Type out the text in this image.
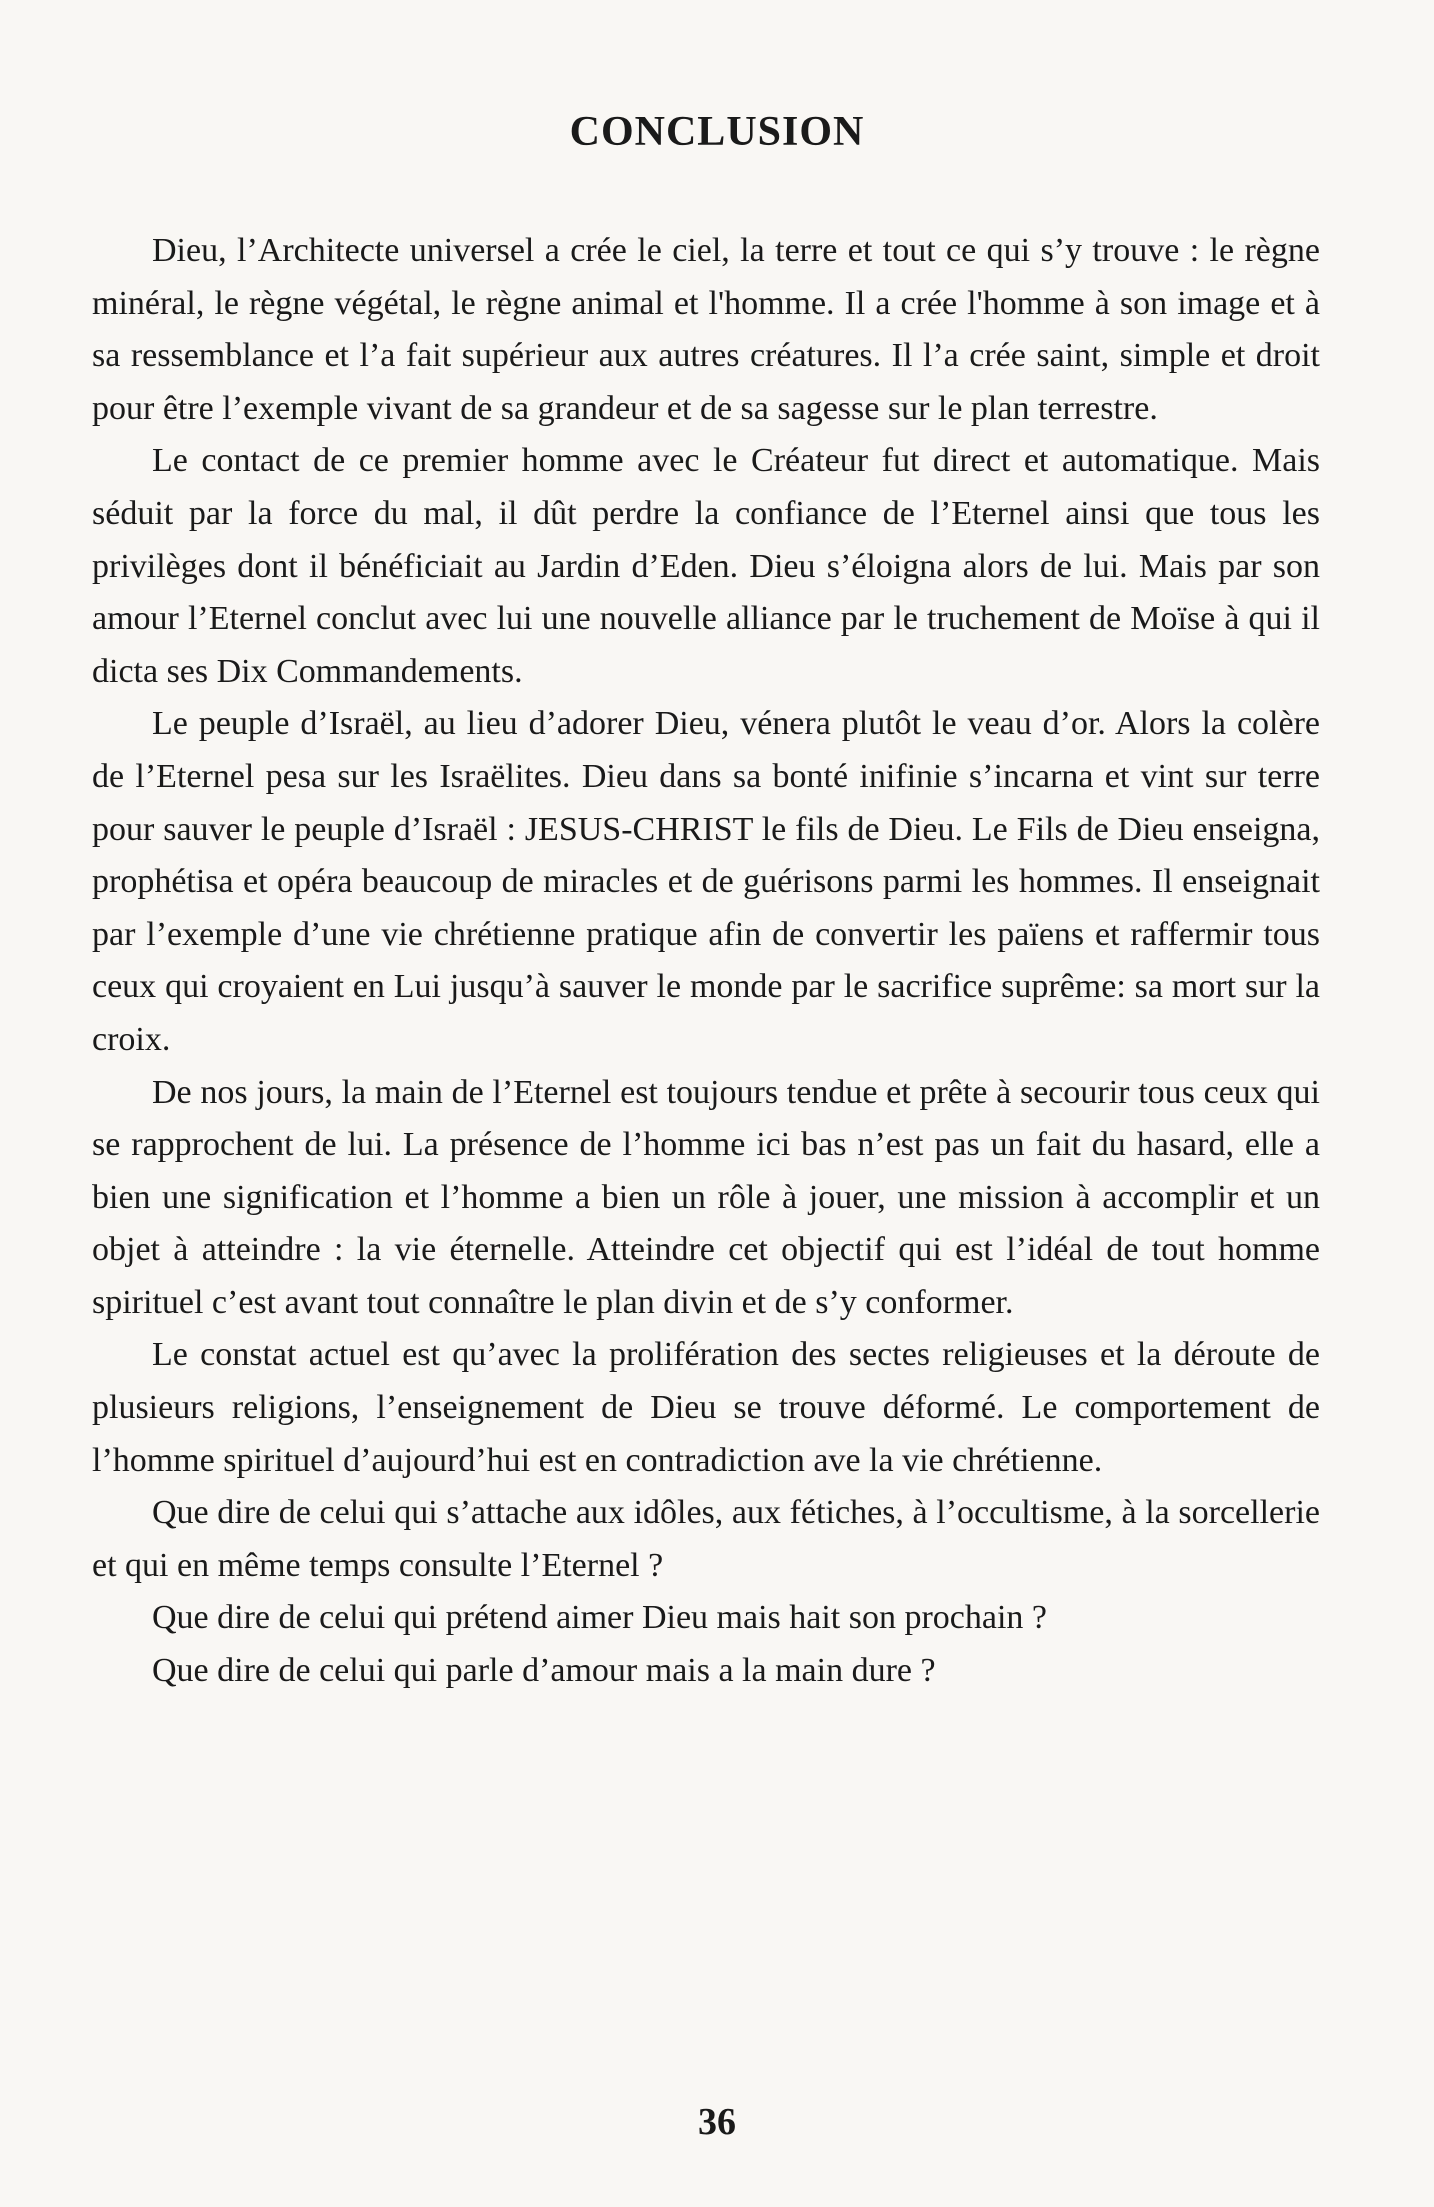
CONCLUSION

Dieu, l’Architecte universel a crée le ciel, la terre et tout ce qui s’y trouve : le règne minéral, le règne végétal, le règne animal et l'homme. Il a crée l'homme à son image et à sa ressemblance et l’a fait supérieur aux autres créatures. Il l’a crée saint, simple et droit pour être l’exemple vivant de sa grandeur et de sa sagesse sur le plan terrestre.

Le contact de ce premier homme avec le Créateur fut direct et automatique. Mais séduit par la force du mal, il dût perdre la confiance de l’Eternel ainsi que tous les privilèges dont il bénéficiait au Jardin d’Eden. Dieu s’éloigna alors de lui. Mais par son amour l’Eternel conclut avec lui une nouvelle alliance par le truchement de Moïse à qui il dicta ses Dix Commandements.

Le peuple d’Israël, au lieu d’adorer Dieu, vénera plutôt le veau d’or. Alors la colère de l’Eternel pesa sur les Israëlites. Dieu dans sa bonté inifinie s’incarna et vint sur terre pour sauver le peuple d’Israël : JESUS-CHRIST le fils de Dieu. Le Fils de Dieu enseigna, prophétisa et opéra beaucoup de miracles et de guérisons parmi les hommes. Il enseignait par l’exemple d’une vie chrétienne pratique afin de convertir les païens et raffermir tous ceux qui croyaient en Lui jusqu’à sauver le monde par le sacrifice suprême: sa mort sur la croix.

De nos jours, la main de l’Eternel est toujours tendue et prête à secourir tous ceux qui se rapprochent de lui. La présence de l’homme ici bas n’est pas un fait du hasard, elle a bien une signification et l’homme a bien un rôle à jouer, une mission à accomplir et un objet à atteindre : la vie éternelle. Atteindre cet objectif qui est l’idéal de tout homme spirituel c’est avant tout connaître le plan divin et de s’y conformer.

Le constat actuel est qu’avec la prolifération des sectes religieuses et la déroute de plusieurs religions, l’enseignement de Dieu se trouve déformé. Le comportement de l’homme spirituel d’aujourd’hui est en contradiction ave la vie chrétienne.

Que dire de celui qui s’attache aux idôles, aux fétiches, à l’occultisme, à la sorcellerie et qui en même temps consulte l’Eternel ?

Que dire de celui qui prétend aimer Dieu mais hait son prochain ?

Que dire de celui qui parle d’amour mais a la main dure ?

36
